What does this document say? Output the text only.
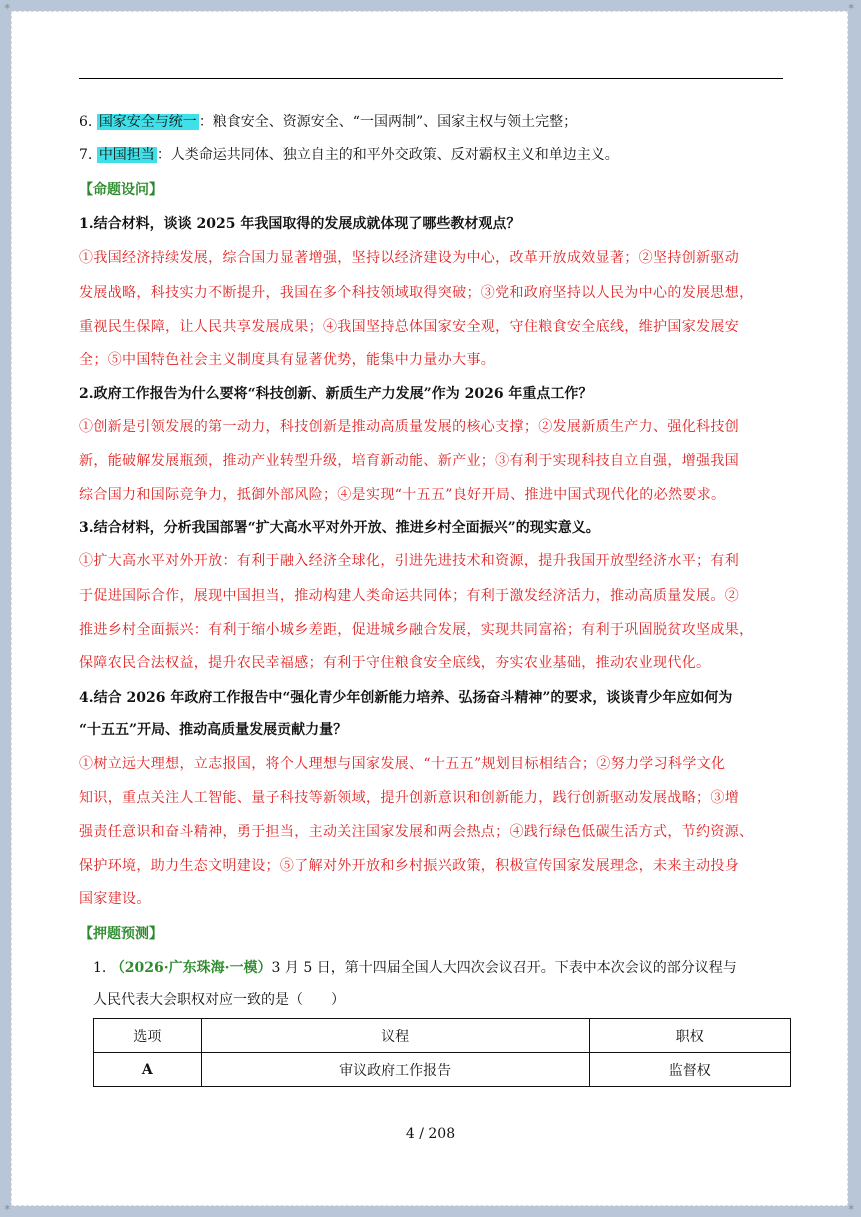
✶	✶
✶	✶
6. 国家安全与统一 ：粮食安全、资源安全、“一国两制”、国家主权与领土完整；
7. 中国担当 ：人类命运共同体、独立自主的和平外交政策、反对霸权主义和单边主义。
【命题设问】
1.结合材料，谈谈 2025 年我国取得的发展成就体现了哪些教材观点？
①我国经济持续发展，综合国力显著增强，坚持以经济建设为中心，改革开放成效显著；②坚持创新驱动
发展战略，科技实力不断提升，我国在多个科技领域取得突破；③党和政府坚持以人民为中心的发展思想，
重视民生保障，让人民共享发展成果；④我国坚持总体国家安全观，守住粮食安全底线，维护国家发展安
全；⑤中国特色社会主义制度具有显著优势，能集中力量办大事。
2.政府工作报告为什么要将“科技创新、新质生产力发展”作为 2026 年重点工作？
①创新是引领发展的第一动力，科技创新是推动高质量发展的核心支撑；②发展新质生产力、强化科技创
新，能破解发展瓶颈，推动产业转型升级，培育新动能、新产业；③有利于实现科技自立自强，增强我国
综合国力和国际竞争力，抵御外部风险；④是实现“十五五”良好开局、推进中国式现代化的必然要求。
3.结合材料，分析我国部署“扩大高水平对外开放、推进乡村全面振兴”的现实意义。
①扩大高水平对外开放：有利于融入经济全球化，引进先进技术和资源，提升我国开放型经济水平；有利
于促进国际合作，展现中国担当，推动构建人类命运共同体；有利于激发经济活力，推动高质量发展。②
推进乡村全面振兴：有利于缩小城乡差距，促进城乡融合发展，实现共同富裕；有利于巩固脱贫攻坚成果，
保障农民合法权益，提升农民幸福感；有利于守住粮食安全底线，夯实农业基础，推动农业现代化。
4.结合 2026 年政府工作报告中“强化青少年创新能力培养、弘扬奋斗精神”的要求，谈谈青少年应如何为
“十五五”开局、推动高质量发展贡献力量？
①树立远大理想，立志报国，将个人理想与国家发展、“十五五”规划目标相结合；②努力学习科学文化
知识，重点关注人工智能、量子科技等新领域，提升创新意识和创新能力，践行创新驱动发展战略；③增
强责任意识和奋斗精神，勇于担当，主动关注国家发展和两会热点；④践行绿色低碳生活方式，节约资源、
保护环境，助力生态文明建设；⑤了解对外开放和乡村振兴政策，积极宣传国家发展理念，未来主动投身
国家建设。
【押题预测】
1. （2026·广东珠海·一模）3 月 5 日，第十四届全国人大四次会议召开。下表中本次会议的部分议程与
人民代表大会职权对应一致的是（　　）
选项	议程	职权
A	审议政府工作报告	监督权
4 / 208
